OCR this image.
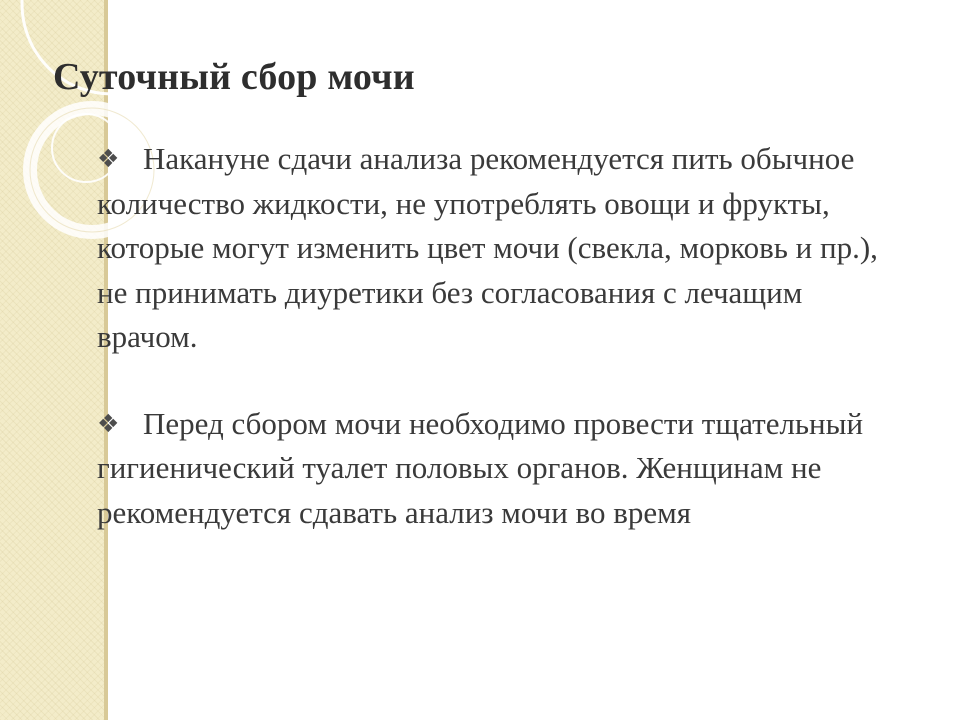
Суточный сбор мочи

❖ Накануне сдачи анализа рекомендуется пить обычное количество жидкости, не употреблять овощи и фрукты, которые могут изменить цвет мочи (свекла, морковь и пр.), не принимать диуретики без согласования с лечащим врачом.

❖ Перед сбором мочи необходимо провести тщательный гигиенический туалет половых органов. Женщинам не рекомендуется сдавать анализ мочи во время
